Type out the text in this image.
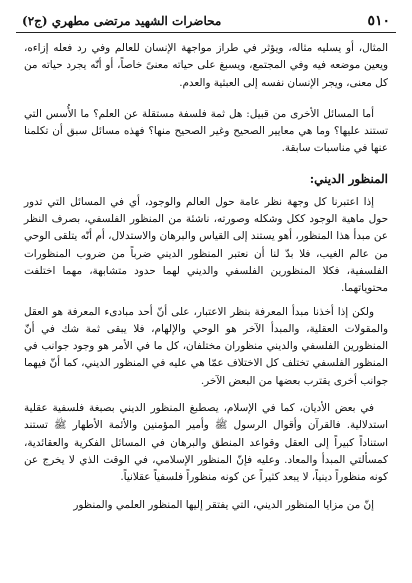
٥١٠
محاضرات الشهيد مرتضى مطهري (ج٢)

المثال، أو يسليه مثاله، ويؤثر في طراز مواجهة الإنسان للعالم وفي رد فعله إزاءه، ويعين موضعه فيه وفي المجتمع، ويسبغ على حياته معنىً خاصاً، أو أنّه يجرد حياته من كل معنى، ويجر الإنسان نفسه إلى العبثية والعدم.

أما المسائل الأخرى من قبيل: هل ثمة فلسفة مستقلة عن العلم؟ ما الأُسس التي تستند عليها؟ وما هي معايير الصحيح وغير الصحيح منها؟ فهذه مسائل سبق أن تكلمنا عنها في مناسبات سابقة.

المنظور الديني:

إذا اعتبرنا كل وجهة نظر عامة حول العالم والوجود، أي في المسائل التي تدور حول ماهية الوجود ككل وشكله وصورته، ناشئة من المنظور الفلسفي، بصرف النظر عن مبدأ هذا المنظور، أهو يستند إلى القياس والبرهان والاستدلال، أم أنّه يتلقى الوحي من عالم الغيب، فلا بدّ لنا أن نعتبر المنظور الديني ضرباً من ضروب المنظورات الفلسفية، فكلا المنظورين الفلسفي والديني لهما حدود متشابهة، مهما اختلفت محتوياتهما.

ولكن إذا أخذنا مبدأ المعرفة بنظر الاعتبار، على أنّ أحد مبادىء المعرفة هو العقل والمقولات العقلية، والمبدأ الآخر هو الوحي والإلهام، فلا يبقى ثمة شك في أنّ المنظورين الفلسفي والديني منظوران مختلفان، كل ما في الأمر هو وجود جوانب في المنظور الفلسفي تختلف كل الاختلاف عمّا هي عليه في المنظور الديني، كما أنّ فيهما جوانب أخرى يقترب بعضها من البعض الآخر.

في بعض الأديان، كما في الإسلام، يصطبغ المنظور الديني بصبغة فلسفية عقلية استدلالية. فالقرآن وأقوال الرسول ﷺ وأمير المؤمنين والأئمة الأطهار ﷺ تستند استناداً كبيراً إلى العقل وقواعد المنطق والبرهان في المسائل الفكرية والعقائدية، كمسألتي المبدأ والمعاد. وعليه فإنّ المنظور الإسلامي، في الوقت الذي لا يخرج عن كونه منظوراً دينياً، لا يبعد كثيراً عن كونه منظوراً فلسفياً عقلانياً.

إنّ من مزايا المنظور الديني، التي يفتقر إليها المنظور العلمي والمنظور
